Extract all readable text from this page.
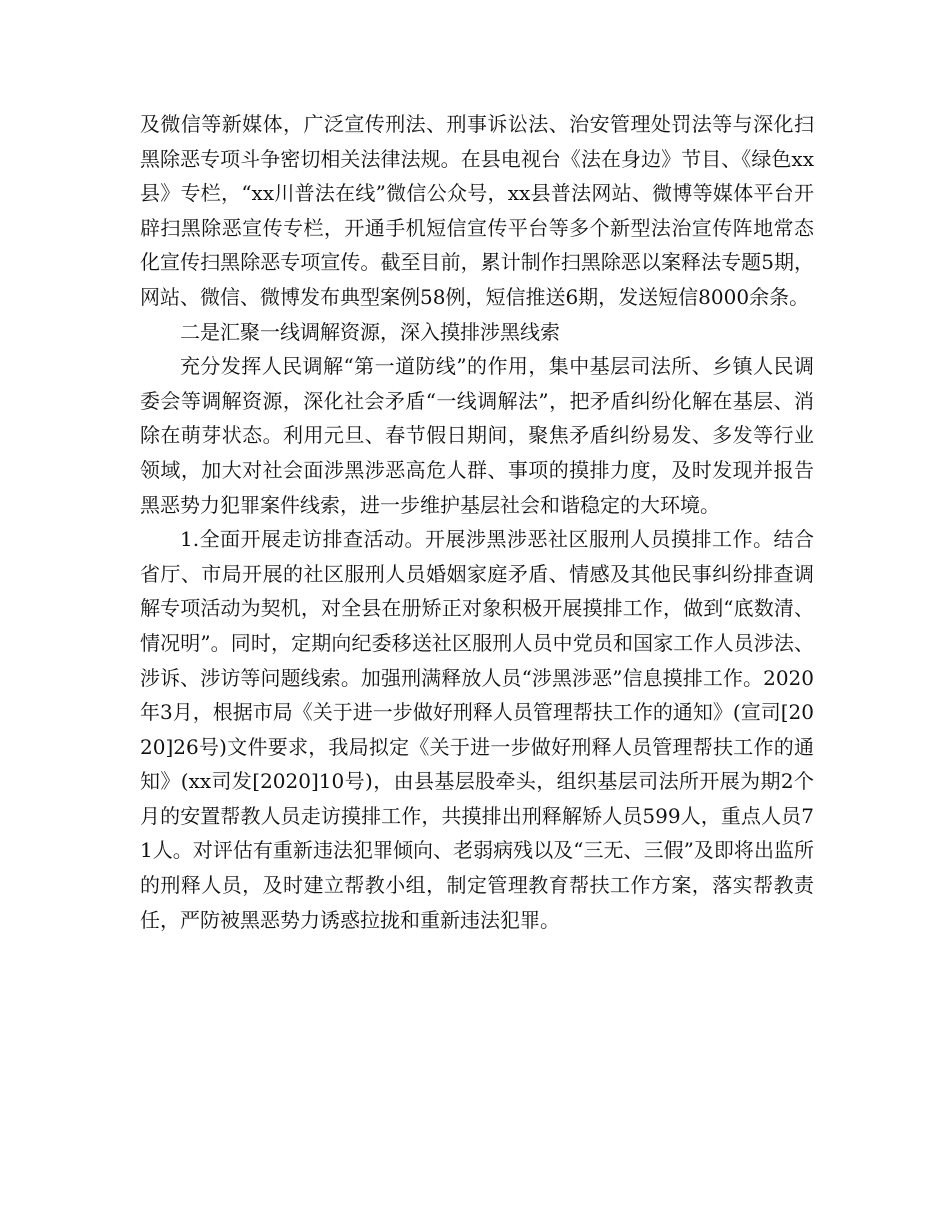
及微信等新媒体，广泛宣传刑法、刑事诉讼法、治安管理处罚法等与深化扫黑除恶专项斗争密切相关法律法规。在县电视台《法在身边》节目、《绿色xx县》专栏，“xx川普法在线”微信公众号，xx县普法网站、微博等媒体平台开辟扫黑除恶宣传专栏，开通手机短信宣传平台等多个新型法治宣传阵地常态化宣传扫黑除恶专项宣传。截至目前，累计制作扫黑除恶以案释法专题5期，网站、微信、微博发布典型案例58例，短信推送6期，发送短信8000余条。

二是汇聚一线调解资源，深入摸排涉黑线索

充分发挥人民调解“第一道防线”的作用，集中基层司法所、乡镇人民调委会等调解资源，深化社会矛盾“一线调解法”，把矛盾纠纷化解在基层、消除在萌芽状态。利用元旦、春节假日期间，聚焦矛盾纠纷易发、多发等行业领域，加大对社会面涉黑涉恶高危人群、事项的摸排力度，及时发现并报告黑恶势力犯罪案件线索，进一步维护基层社会和谐稳定的大环境。

1.全面开展走访排查活动。开展涉黑涉恶社区服刑人员摸排工作。结合省厅、市局开展的社区服刑人员婚姻家庭矛盾、情感及其他民事纠纷排查调解专项活动为契机，对全县在册矫正对象积极开展摸排工作，做到“底数清、情况明”。同时，定期向纪委移送社区服刑人员中党员和国家工作人员涉法、涉诉、涉访等问题线索。加强刑满释放人员“涉黑涉恶”信息摸排工作。2020年3月，根据市局《关于进一步做好刑释人员管理帮扶工作的通知》(宣司[2020]26号)文件要求，我局拟定《关于进一步做好刑释人员管理帮扶工作的通知》(xx司发[2020]10号)，由县基层股牵头，组织基层司法所开展为期2个月的安置帮教人员走访摸排工作，共摸排出刑释解矫人员599人，重点人员71人。对评估有重新违法犯罪倾向、老弱病残以及“三无、三假”及即将出监所的刑释人员，及时建立帮教小组，制定管理教育帮扶工作方案，落实帮教责任，严防被黑恶势力诱惑拉拢和重新违法犯罪。
